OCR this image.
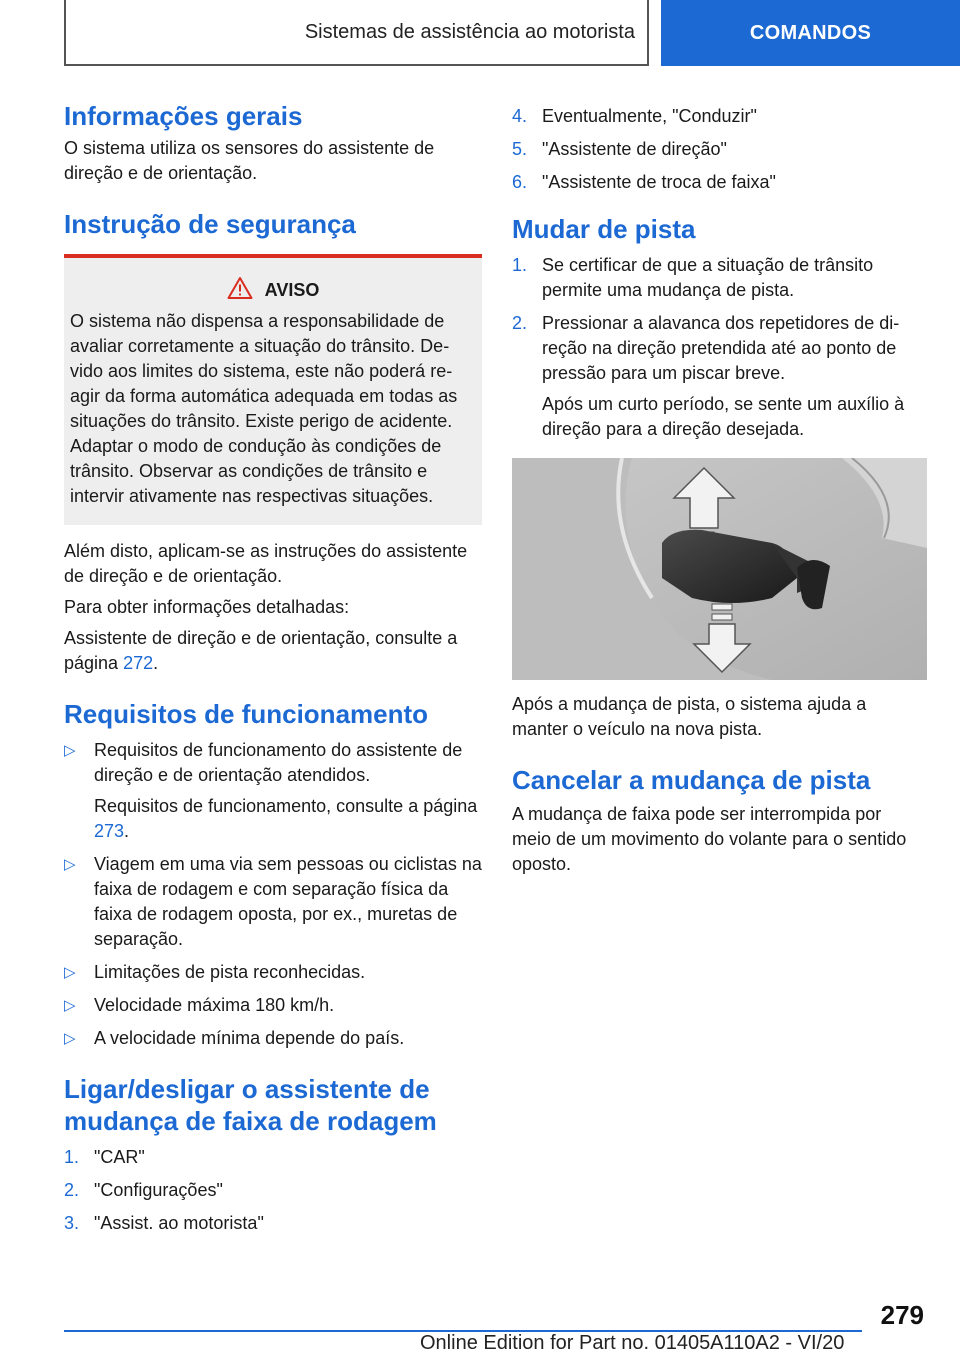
Sistemas de assistência ao motorista	COMANDOS
Informações gerais

O sistema utiliza os sensores do assistente de direção e de orientação.

Instrução de segurança
AVISO

O sistema não dispensa a responsabilidade de avaliar corretamente a situação do trânsito. Devido aos limites do sistema, este não poderá reagir da forma automática adequada em todas as situações do trânsito. Existe perigo de acidente. Adaptar o modo de condução às condições de trânsito. Observar as condições de trânsito e intervir ativamente nas respectivas situações.

Além disto, aplicam-se as instruções do assistente de direção e de orientação.

Para obter informações detalhadas:

Assistente de direção e de orientação, consulte a página 272.

Requisitos de funcionamento
▷ Requisitos de funcionamento do assistente de direção e de orientação atendidos.
Requisitos de funcionamento, consulte a página 273.
▷ Viagem em uma via sem pessoas ou ciclistas na faixa de rodagem e com separação física da faixa de rodagem oposta, por ex., muretas de separação.
▷ Limitações de pista reconhecidas.
▷ Velocidade máxima 180 km/h.
▷ A velocidade mínima depende do país.
Ligar/desligar o assistente de mudança de faixa de rodagem
1. "CAR"
2. "Configurações"
3. "Assist. ao motorista"
4. Eventualmente, "Conduzir"
5. "Assistente de direção"
6. "Assistente de troca de faixa"
Mudar de pista
1. Se certificar de que a situação de trânsito permite uma mudança de pista.
2. Pressionar a alavanca dos repetidores de direção na direção pretendida até ao ponto de pressão para um piscar breve.
Após um curto período, se sente um auxílio à direção para a direção desejada.

Após a mudança de pista, o sistema ajuda a manter o veículo na nova pista.

Cancelar a mudança de pista

A mudança de faixa pode ser interrompida por meio de um movimento do volante para o sentido oposto.

279
Online Edition for Part no. 01405A110A2 - VI/20
